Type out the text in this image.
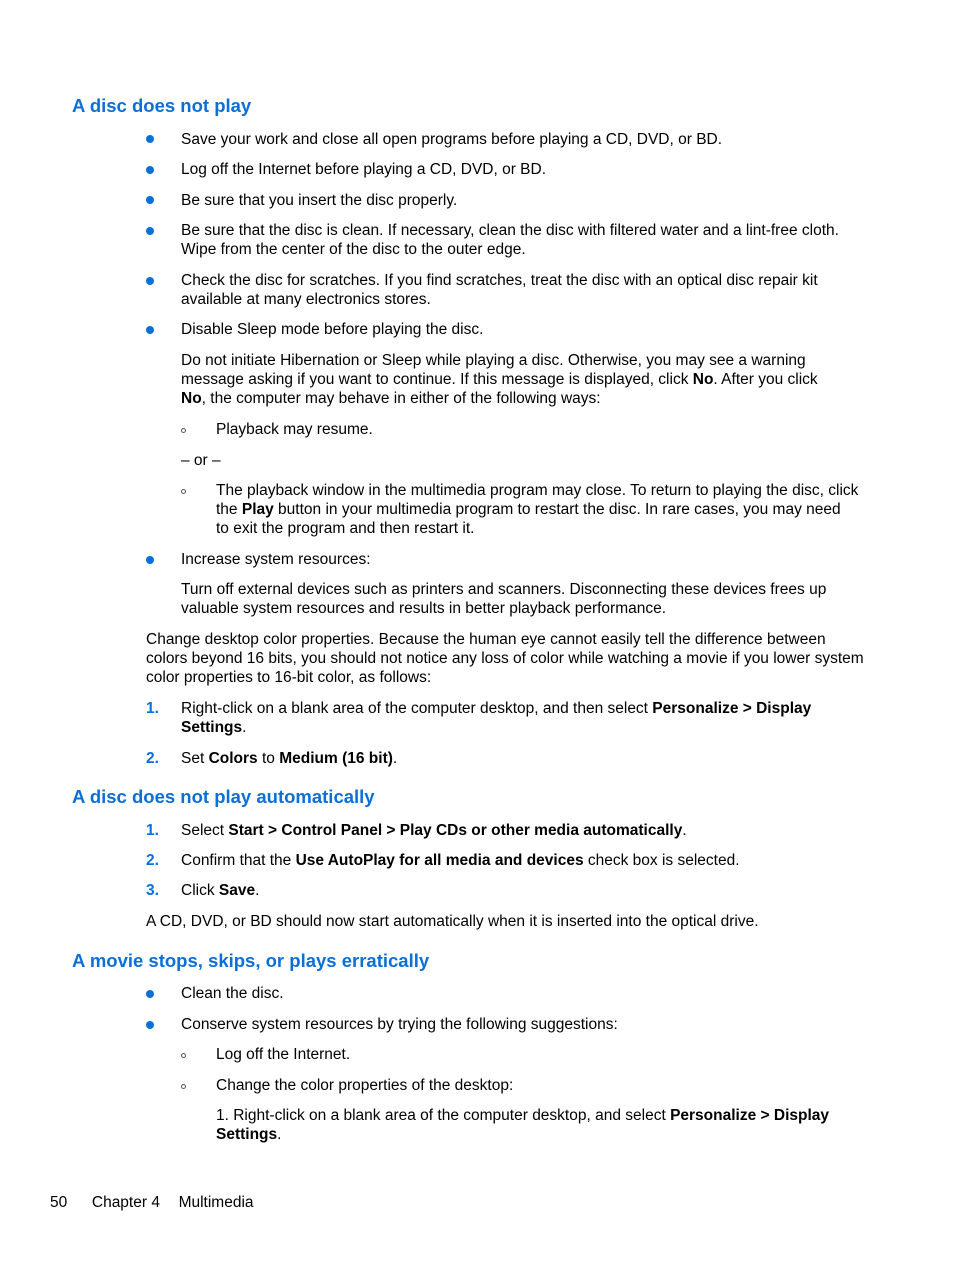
A disc does not play
Save your work and close all open programs before playing a CD, DVD, or BD.
Log off the Internet before playing a CD, DVD, or BD.
Be sure that you insert the disc properly.
Be sure that the disc is clean. If necessary, clean the disc with filtered water and a lint-free cloth.
Wipe from the center of the disc to the outer edge.
Check the disc for scratches. If you find scratches, treat the disc with an optical disc repair kit
available at many electronics stores.
Disable Sleep mode before playing the disc.
Do not initiate Hibernation or Sleep while playing a disc. Otherwise, you may see a warning
message asking if you want to continue. If this message is displayed, click No. After you click
No, the computer may behave in either of the following ways:
Playback may resume.
– or –
The playback window in the multimedia program may close. To return to playing the disc, click
the Play button in your multimedia program to restart the disc. In rare cases, you may need
to exit the program and then restart it.
Increase system resources:
Turn off external devices such as printers and scanners. Disconnecting these devices frees up
valuable system resources and results in better playback performance.
Change desktop color properties. Because the human eye cannot easily tell the difference between
colors beyond 16 bits, you should not notice any loss of color while watching a movie if you lower system
color properties to 16-bit color, as follows:
1. Right-click on a blank area of the computer desktop, and then select Personalize > Display
Settings.
2. Set Colors to Medium (16 bit).
A disc does not play automatically
1. Select Start > Control Panel > Play CDs or other media automatically.
2. Confirm that the Use AutoPlay for all media and devices check box is selected.
3. Click Save.
A CD, DVD, or BD should now start automatically when it is inserted into the optical drive.
A movie stops, skips, or plays erratically
Clean the disc.
Conserve system resources by trying the following suggestions:
Log off the Internet.
Change the color properties of the desktop:
1. Right-click on a blank area of the computer desktop, and select Personalize > Display
Settings.
50 Chapter 4 Multimedia
